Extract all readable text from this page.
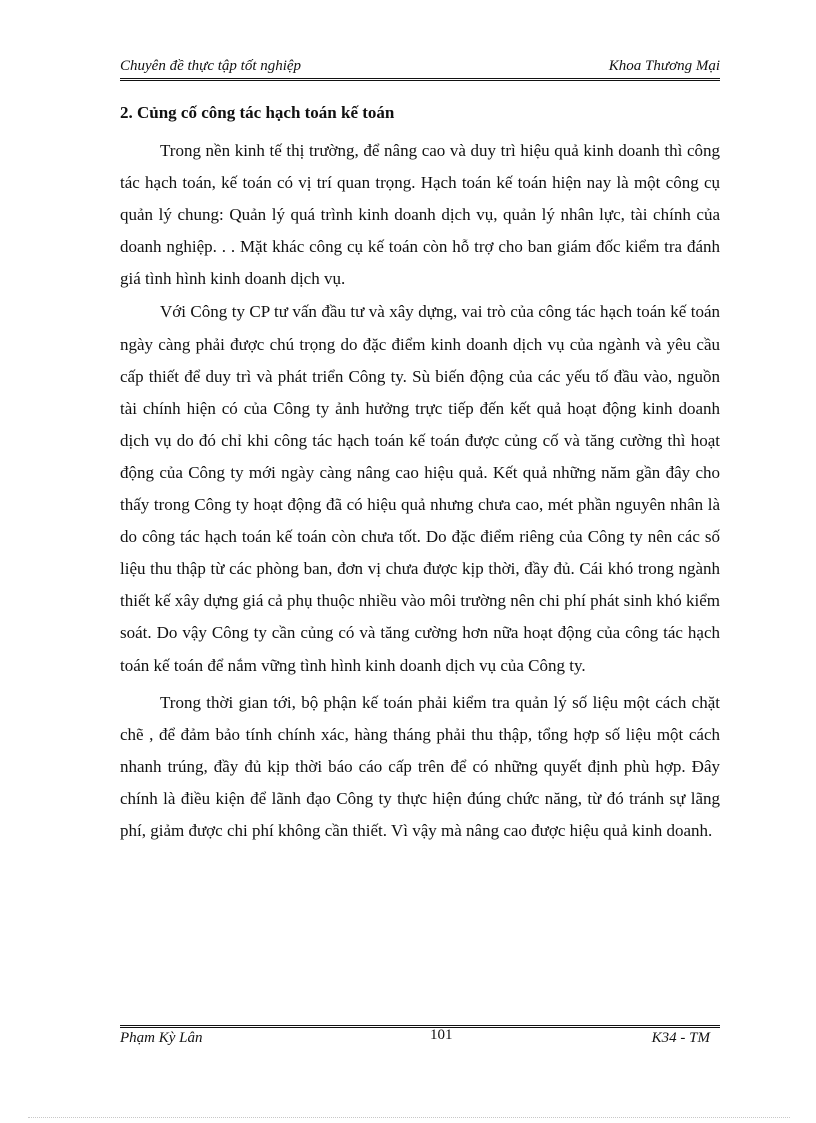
Chuyên đề thực tập tốt nghiệp	Khoa Thương Mại
2. Củng cố công tác hạch toán kế toán

Trong nền kinh tế thị trường, để nâng cao và duy trì hiệu quả kinh doanh thì công tác hạch toán, kế toán có vị trí quan trọng. Hạch toán kế toán hiện nay là một công cụ quản lý chung: Quản lý quá trình kinh doanh dịch vụ, quản lý nhân lực, tài chính của doanh nghiệp. . . Mặt khác công cụ kế toán còn hỗ trợ cho ban giám đốc kiểm tra đánh giá tình hình kinh doanh dịch vụ.

Với Công ty CP tư vấn đầu tư và xây dựng, vai trò của công tác hạch toán kế toán ngày càng phải được chú trọng do đặc điểm kinh doanh dịch vụ của ngành và yêu cầu cấp thiết để duy trì và phát triển Công ty. Sù biến động của các yếu tố đầu vào, nguồn tài chính hiện có của Công ty ảnh hưởng trực tiếp đến kết quả hoạt động kinh doanh dịch vụ do đó chỉ khi công tác hạch toán kế toán được củng cố và tăng cường thì hoạt động của Công ty mới ngày càng nâng cao hiệu quả. Kết quả những năm gần đây cho thấy trong Công ty hoạt động đã có hiệu quả nhưng chưa cao, mét phần nguyên nhân là do công tác hạch toán kế toán còn chưa tốt. Do đặc điểm riêng của Công ty nên các số liệu thu thập từ các phòng ban, đơn vị chưa được kịp thời, đầy đủ. Cái khó trong ngành thiết kế xây dựng giá cả phụ thuộc nhiều vào môi trường nên chi phí phát sinh khó kiểm soát. Do vậy Công ty cần củng có và tăng cường hơn nữa hoạt động của công tác hạch toán kế toán để nắm vững tình hình kinh doanh dịch vụ của Công ty.

Trong thời gian tới, bộ phận kế toán phải kiểm tra quản lý số liệu một cách chặt chẽ , để đảm bảo tính chính xác, hàng tháng phải thu thập, tổng hợp số liệu một cách nhanh trúng, đầy đủ kịp thời báo cáo cấp trên để có những quyết định phù hợp. Đây chính là điều kiện để lãnh đạo Công ty thực hiện đúng chức năng, từ đó tránh sự lãng phí, giảm được chi phí không cần thiết. Vì vậy mà nâng cao được hiệu quả kinh doanh.

Phạm Kỳ Lân	101	K34 - TM
